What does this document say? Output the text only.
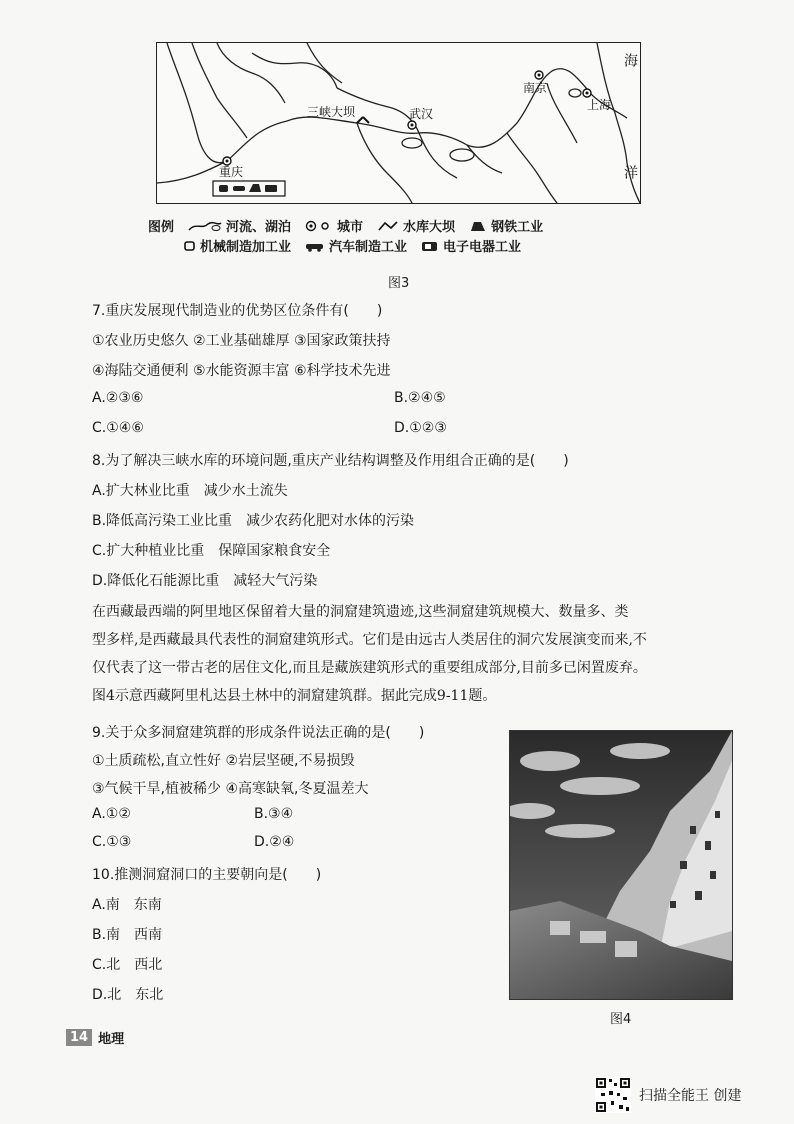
三峡大坝	武汉
南京
上海
重庆
海
洋
图例	河流、湖泊	城市	水库大坝	钢铁工业
机械制造加工业	汽车制造工业	电子电器工业
图3
7.重庆发展现代制造业的优势区位条件有(　　)
①农业历史悠久 ②工业基础雄厚 ③国家政策扶持
④海陆交通便利 ⑤水能资源丰富 ⑥科学技术先进
A.②③⑥	B.②④⑤
C.①④⑥	D.①②③
8.为了解决三峡水库的环境问题,重庆产业结构调整及作用组合正确的是(　　)
A.扩大林业比重　减少水土流失
B.降低高污染工业比重　减少农药化肥对水体的污染
C.扩大种植业比重　保障国家粮食安全
D.降低化石能源比重　减轻大气污染
在西藏最西端的阿里地区保留着大量的洞窟建筑遗迹,这些洞窟建筑规模大、数量多、类
型多样,是西藏最具代表性的洞窟建筑形式。它们是由远古人类居住的洞穴发展演变而来,不
仅代表了这一带古老的居住文化,而且是藏族建筑形式的重要组成部分,目前多已闲置废弃。
图4示意西藏阿里札达县土林中的洞窟建筑群。据此完成9-11题。
9.关于众多洞窟建筑群的形成条件说法正确的是(　　)
①土质疏松,直立性好 ②岩层坚硬,不易损毁
③气候干旱,植被稀少 ④高寒缺氧,冬夏温差大
A.①②	B.③④
C.①③	D.②④
10.推测洞窟洞口的主要朝向是(　　)
A.南　东南
B.南　西南
C.北　西北
D.北　东北
图4
14 地理
扫描全能王 创建
